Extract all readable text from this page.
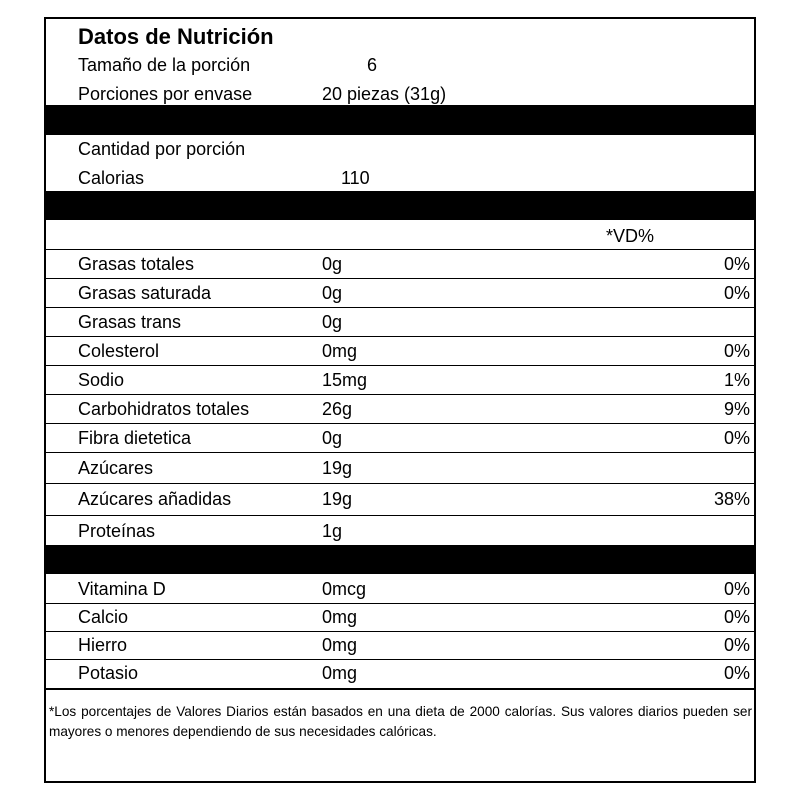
Datos de Nutrición
Tamaño de la porción	6
Porciones por envase	20 piezas (31g)
Cantidad por porción
Calorias	110
*VD%
Grasas totales	0g	0%
Grasas saturada	0g	0%
Grasas trans	0g
Colesterol	0mg	0%
Sodio	15mg	1%
Carbohidratos totales	26g	9%
Fibra dietetica	0g	0%
Azúcares	19g
Azúcares añadidas	19g	38%
Proteínas	1g
Vitamina D	0mcg	0%
Calcio	0mg	0%
Hierro	0mg	0%
Potasio	0mg	0%
*Los porcentajes de Valores Diarios están basados en una dieta de 2000 calorías. Sus valores diarios pueden ser mayores o menores dependiendo de sus necesidades calóricas.
